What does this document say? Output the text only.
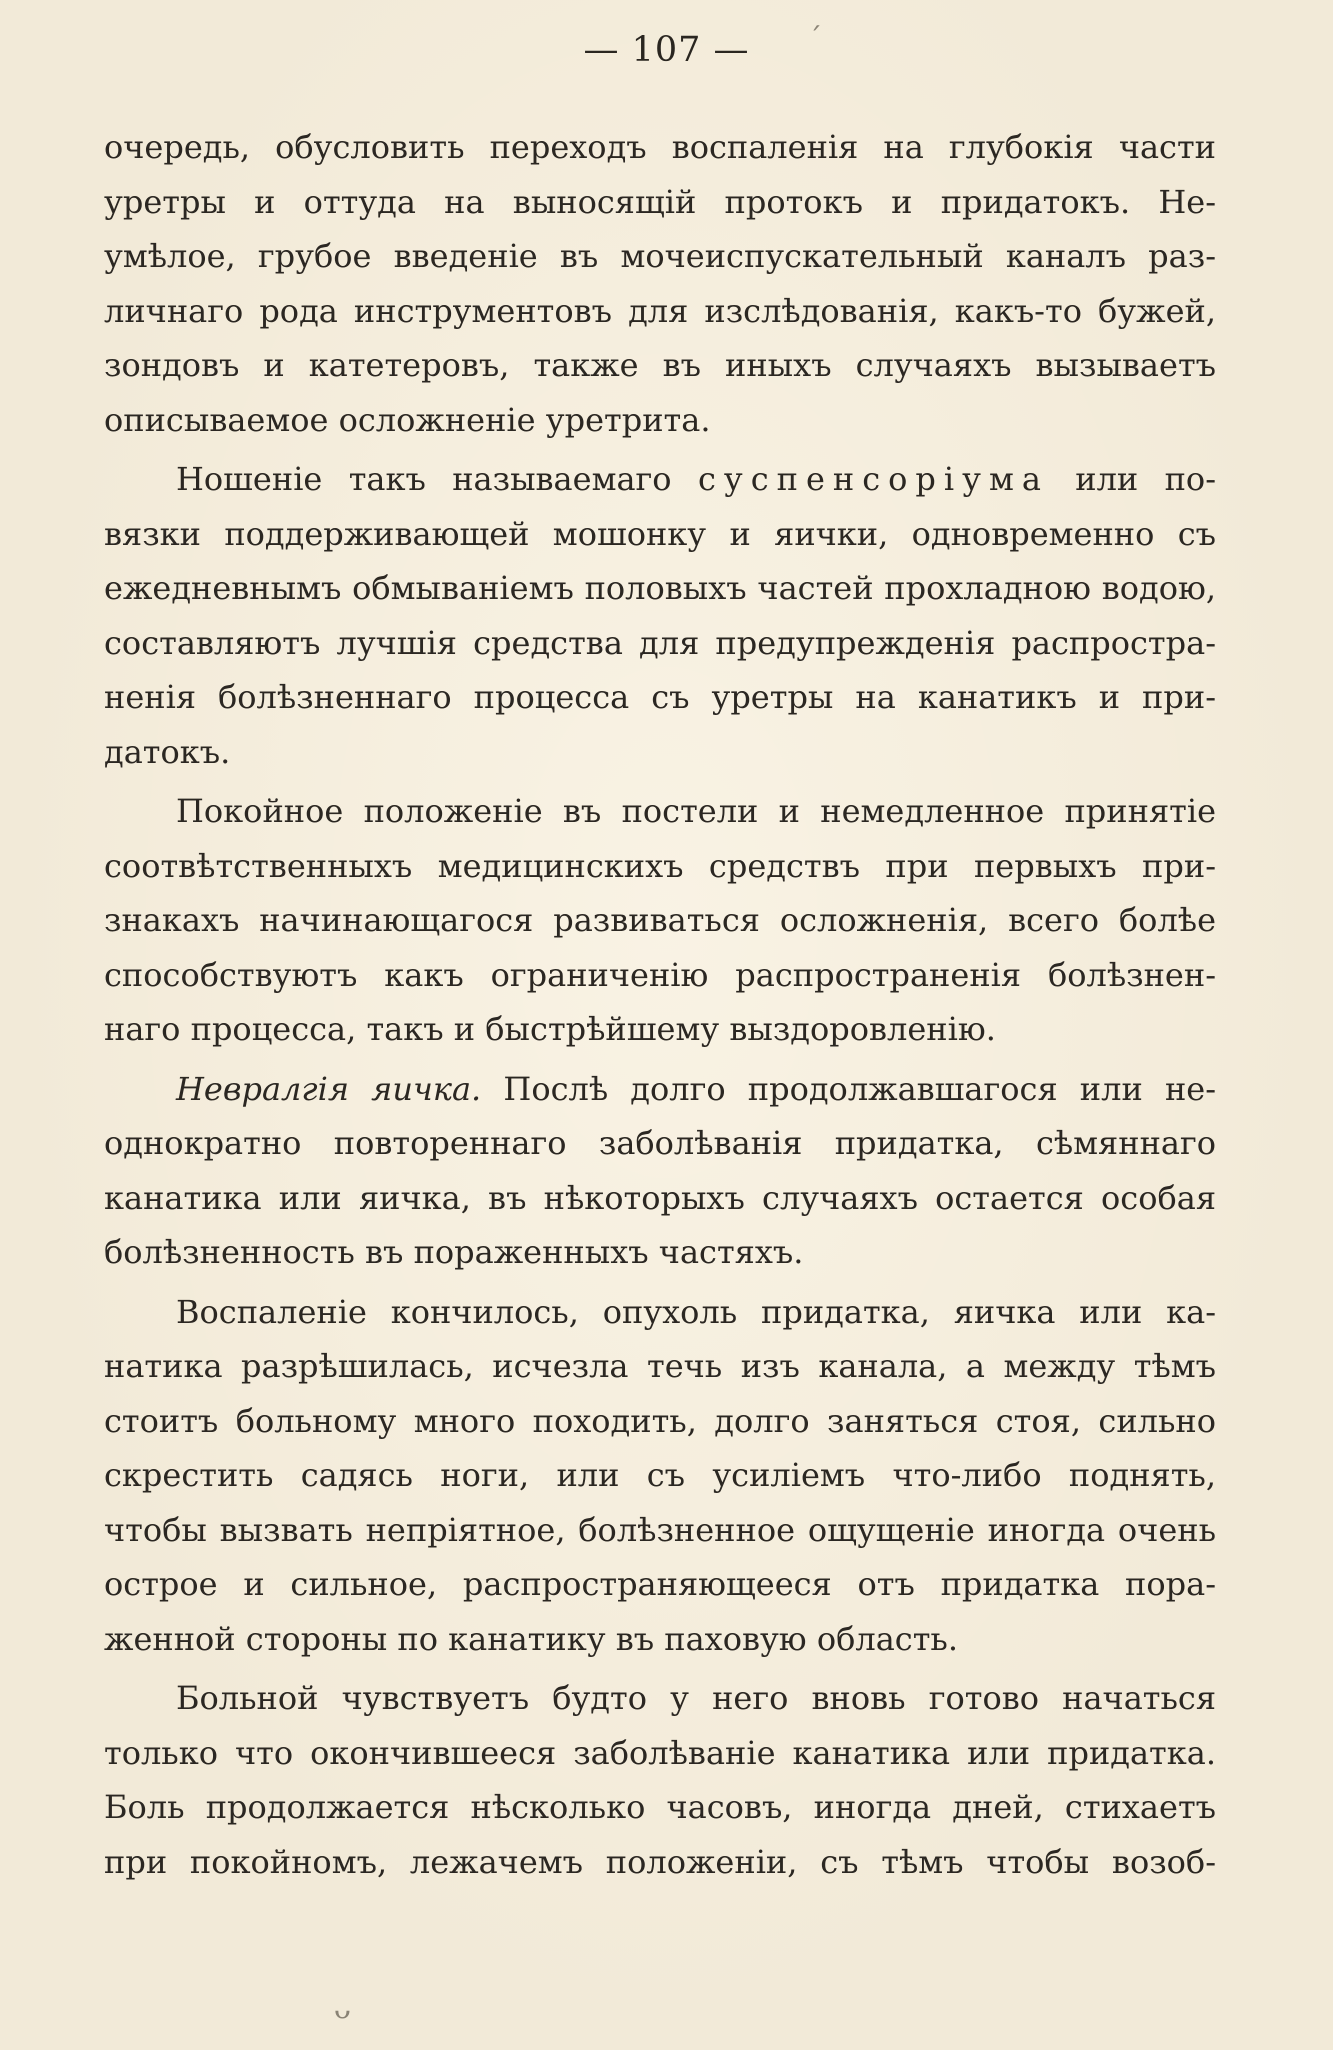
— 107 —
очередь, обусловить переходъ воспаленія на глубокія части
уретры и оттуда на выносящій протокъ и придатокъ. Не-
умѣлое, грубое введеніе въ мочеиспускательный каналъ раз-
личнаго рода инструментовъ для изслѣдованія, какъ-то бужей,
зондовъ и катетеровъ, также въ иныхъ случаяхъ вызываетъ
описываемое осложненіе уретрита.
Ношеніе такъ называемаго суспенсоріума или по-
вязки поддерживающей мошонку и яички, одновременно съ
ежедневнымъ обмываніемъ половыхъ частей прохладною водою,
составляютъ лучшія средства для предупрежденія распростра-
ненія болѣзненнаго процесса съ уретры на канатикъ и при-
датокъ.
Покойное положеніе въ постели и немедленное принятіе
соотвѣтственныхъ медицинскихъ средствъ при первыхъ при-
знакахъ начинающагося развиваться осложненія, всего болѣе
способствуютъ какъ ограниченію распространенія болѣзнен-
наго процесса, такъ и быстрѣйшему выздоровленію.
Невралгія яичка. Послѣ долго продолжавшагося или не-
однократно повтореннаго заболѣванія придатка, сѣмяннаго
канатика или яичка, въ нѣкоторыхъ случаяхъ остается особая
болѣзненность въ пораженныхъ частяхъ.
Воспаленіе кончилось, опухоль придатка, яичка или ка-
натика разрѣшилась, исчезла течь изъ канала, а между тѣмъ
стоитъ больному много походить, долго заняться стоя, сильно
скрестить садясь ноги, или съ усиліемъ что-либо поднять,
чтобы вызвать непріятное, болѣзненное ощущеніе иногда очень
острое и сильное, распространяющееся отъ придатка пора-
женной стороны по канатику въ паховую область.
Больной чувствуетъ будто у него вновь готово начаться
только что окончившееся заболѣваніе канатика или придатка.
Боль продолжается нѣсколько часовъ, иногда дней, стихаетъ
при покойномъ, лежачемъ положеніи, съ тѣмъ чтобы возоб-
ˊ
ᴗ
